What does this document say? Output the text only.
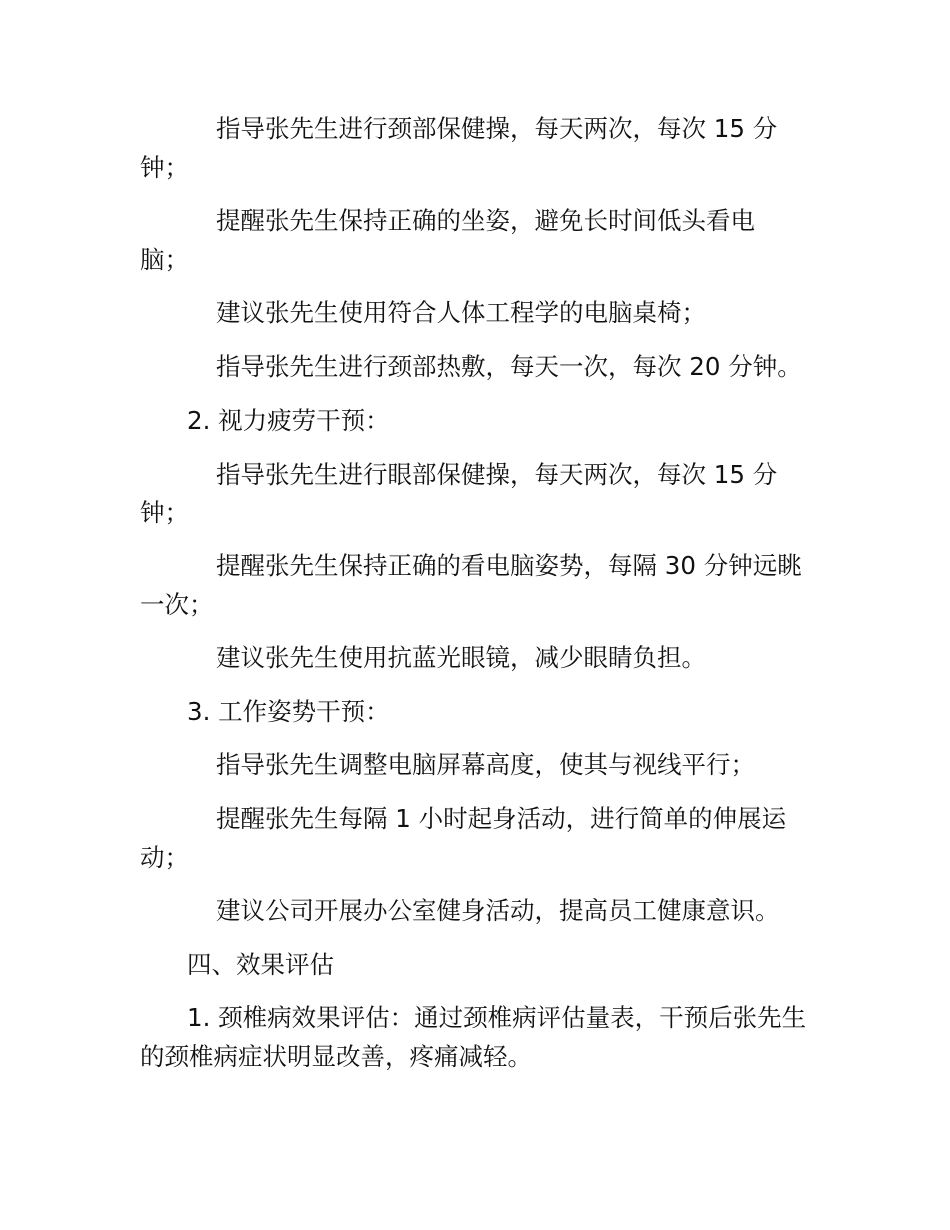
指导张先生进行颈部保健操，每天两次，每次 15 分
钟；
提醒张先生保持正确的坐姿，避免长时间低头看电
脑；
建议张先生使用符合人体工程学的电脑桌椅；
指导张先生进行颈部热敷，每天一次，每次 20 分钟。
2. 视力疲劳干预：
指导张先生进行眼部保健操，每天两次，每次 15 分
钟；
提醒张先生保持正确的看电脑姿势，每隔 30 分钟远眺
一次；
建议张先生使用抗蓝光眼镜，减少眼睛负担。
3. 工作姿势干预：
指导张先生调整电脑屏幕高度，使其与视线平行；
提醒张先生每隔 1 小时起身活动，进行简单的伸展运
动；
建议公司开展办公室健身活动，提高员工健康意识。
四、效果评估
1. 颈椎病效果评估：通过颈椎病评估量表，干预后张先生
的颈椎病症状明显改善，疼痛减轻。
